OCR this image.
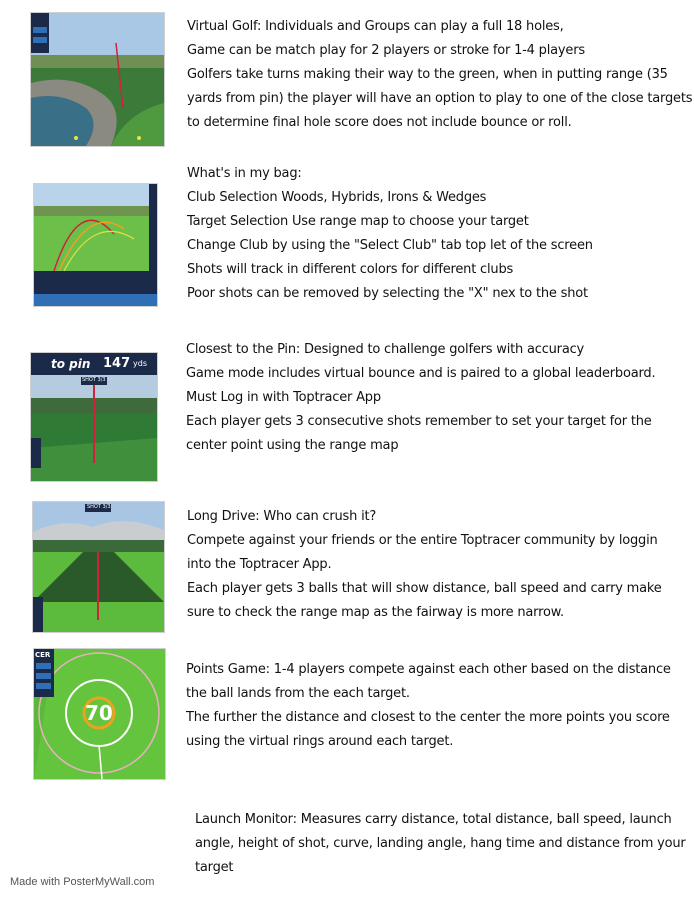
Virtual Golf: Individuals and Groups can play a full 18 holes,
Game can be match play for 2 players or stroke for 1-4 players
Golfers take turns making their way to the green, when in putting range (35
yards from pin) the player will have an option to play to one of the close targets
to determine final hole score does not include bounce or roll.
What's in my bag:
Club Selection Woods, Hybrids, Irons & Wedges
Target Selection Use range map to choose your target
Change Club by using the "Select Club" tab top let of the screen
Shots will track in different colors for different clubs
Poor shots can be removed by selecting the "X" nex to the shot
to pin 147 yds
SHOT 3/3
Closest to the Pin: Designed to challenge golfers with accuracy
Game mode includes virtual bounce and is paired to a global leaderboard.
Must Log in with Toptracer App
Each player gets 3 consecutive shots remember to set your target for the
center point using the range map
SHOT 3/3
Long Drive: Who can crush it?
Compete against your friends or the entire Toptracer community by loggin
into the Toptracer App.
Each player gets 3 balls that will show distance, ball speed and carry make
sure to check the range map as the fairway is more narrow.
70
CER
Points Game: 1-4 players compete against each other based on the distance
the ball lands from the each target.
The further the distance and closest to the center the more points you score
using the virtual rings around each target.
Launch Monitor: Measures carry distance, total distance, ball speed, launch
angle, height of shot, curve, landing angle, hang time and distance from your
target
Made with PosterMyWall.com
